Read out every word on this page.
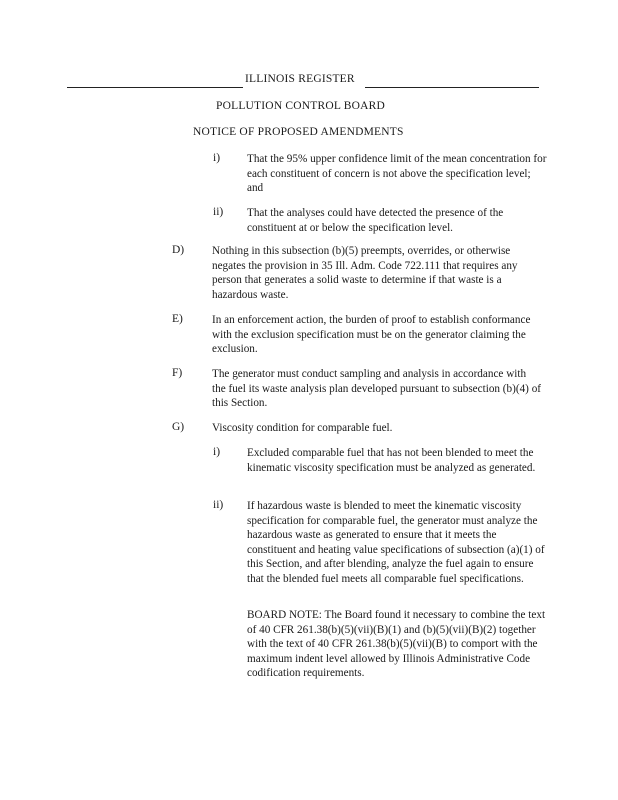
ILLINOIS REGISTER
POLLUTION CONTROL BOARD
NOTICE OF PROPOSED AMENDMENTS
i) That the 95% upper confidence limit of the mean concentration for each constituent of concern is not above the specification level; and
ii) That the analyses could have detected the presence of the constituent at or below the specification level.
D) Nothing in this subsection (b)(5) preempts, overrides, or otherwise negates the provision in 35 Ill. Adm. Code 722.111 that requires any person that generates a solid waste to determine if that waste is a hazardous waste.
E)	In an enforcement action, the burden of proof to establish conformance with the exclusion specification must be on the generator claiming the exclusion.
F)	The generator must conduct sampling and analysis in accordance with the fuel its waste analysis plan developed pursuant to subsection (b)(4) of this Section.
G) Viscosity condition for comparable fuel.
i) Excluded comparable fuel that has not been blended to meet the kinematic viscosity specification must be analyzed as generated.
ii) If hazardous waste is blended to meet the kinematic viscosity specification for comparable fuel, the generator must analyze the hazardous waste as generated to ensure that it meets the constituent and heating value specifications of subsection (a)(1) of this Section, and after blending, analyze the fuel again to ensure that the blended fuel meets all comparable fuel specifications.
BOARD NOTE: The Board found it necessary to combine the text of 40 CFR 261.38(b)(5)(vii)(B)(1) and (b)(5)(vii)(B)(2) together with the text of 40 CFR 261.38(b)(5)(vii)(B) to comport with the maximum indent level allowed by Illinois Administrative Code codification requirements.
